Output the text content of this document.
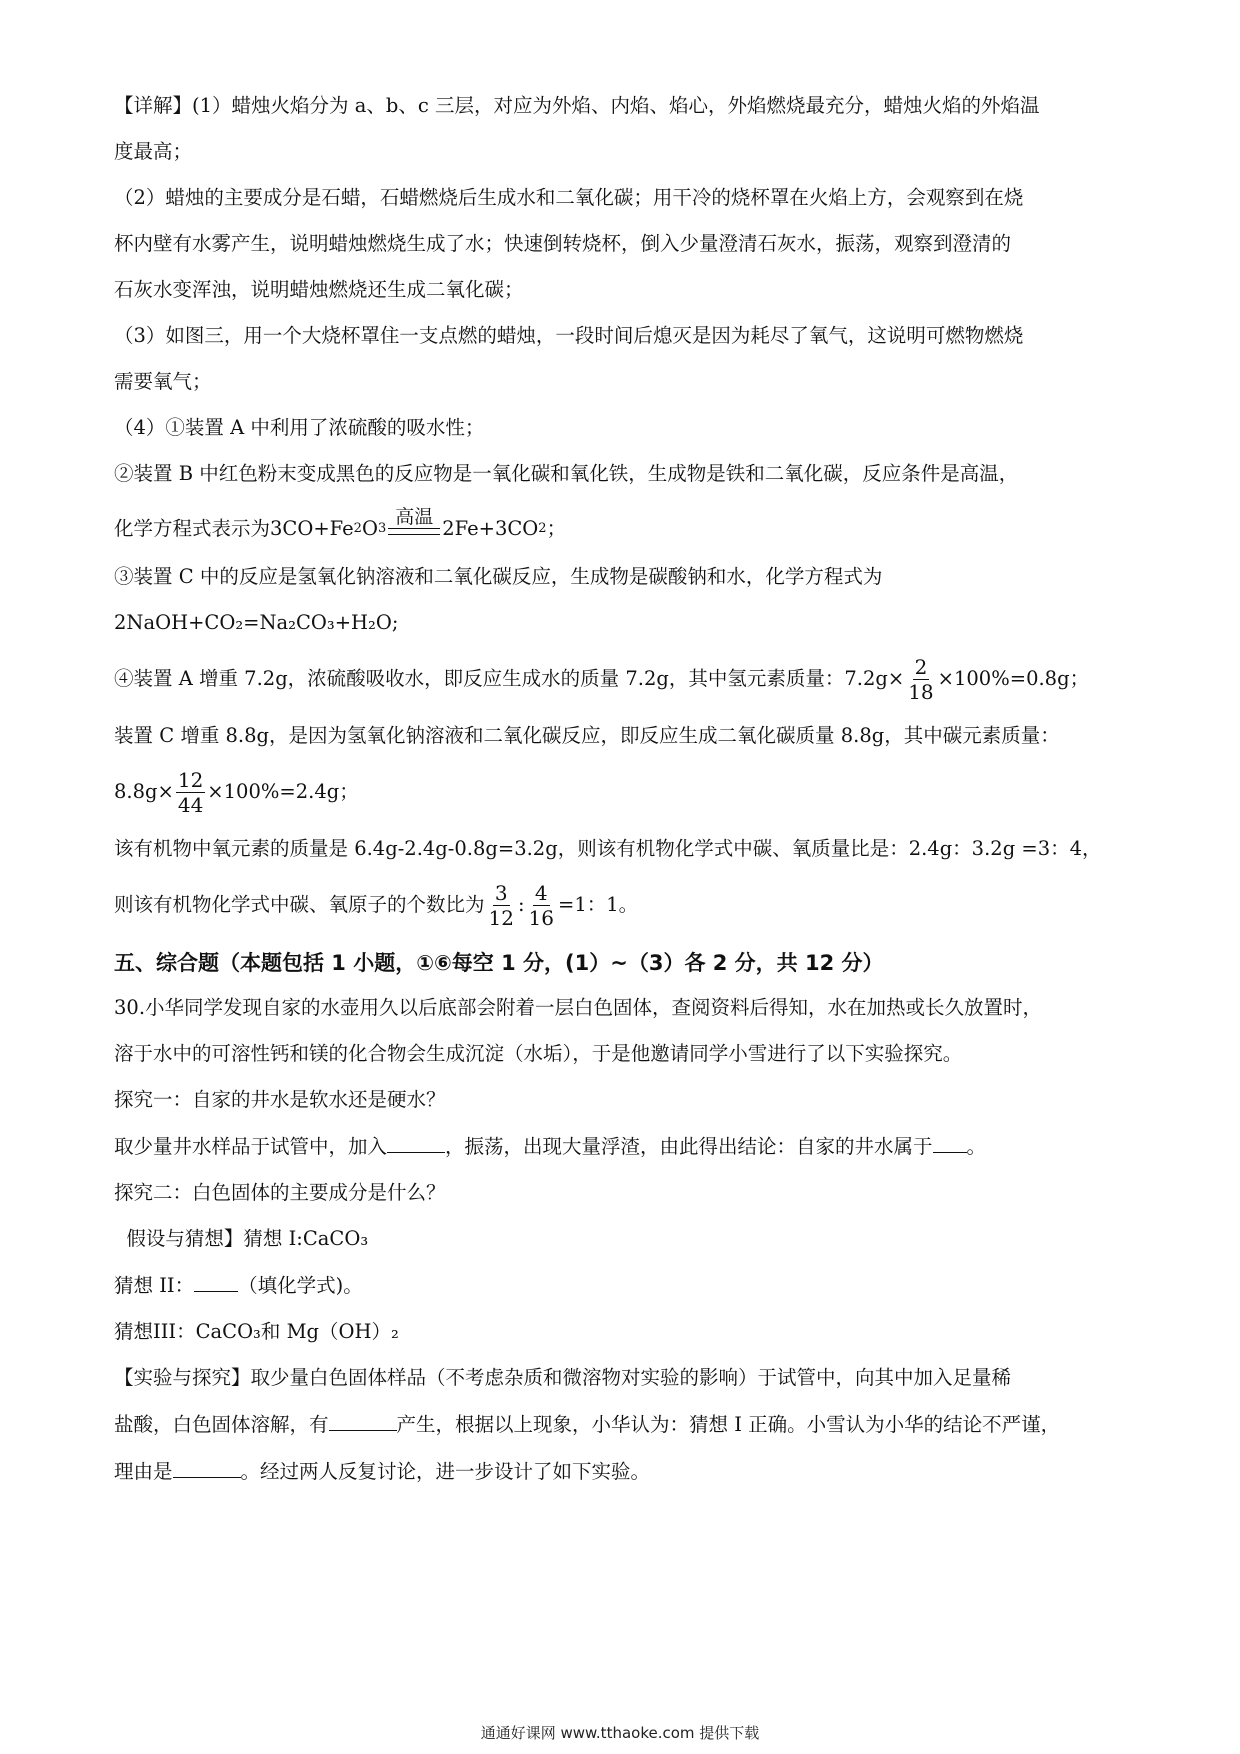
【详解】(1）蜡烛火焰分为 a、b、c 三层，对应为外焰、内焰、焰心，外焰燃烧最充分，蜡烛火焰的外焰温

度最高；

（2）蜡烛的主要成分是石蜡，石蜡燃烧后生成水和二氧化碳；用干冷的烧杯罩在火焰上方，会观察到在烧

杯内壁有水雾产生，说明蜡烛燃烧生成了水；快速倒转烧杯，倒入少量澄清石灰水，振荡，观察到澄清的

石灰水变浑浊，说明蜡烛燃烧还生成二氧化碳；

（3）如图三，用一个大烧杯罩住一支点燃的蜡烛，一段时间后熄灭是因为耗尽了氧气，这说明可燃物燃烧

需要氧气；

（4）①装置 A 中利用了浓硫酸的吸水性；

②装置 B 中红色粉末变成黑色的反应物是一氧化碳和氧化铁，生成物是铁和二氧化碳，反应条件是高温，

化学方程式表示为 3CO+Fe 2 O 3
高温 2Fe+3CO 2 ；

③装置 C 中的反应是氢氧化钠溶液和二氧化碳反应，生成物是碳酸钠和水，化学方程式为

2NaOH+CO₂=Na₂CO₃+H₂O;

④装置 A 增重 7.2g，浓硫酸吸收水，即反应生成水的质量 7.2g，其中氢元素质量：$7.2g\times \frac{2}{18} \times 100\%=0.8g$；

装置 C 增重 8.8g，是因为氢氧化钠溶液和二氧化碳反应，即反应生成二氧化碳质量 8.8g，其中碳元素质量：

$8.8g\times \frac{12}{44} \times 100\%=2.4g$；

该有机物中氧元素的质量是 6.4g-2.4g-0.8g=3.2g，则该有机物化学式中碳、氧质量比是：2.4g：3.2g =3：4，

则该有机物化学式中碳、氧原子的个数比为 $\frac{3}{12}$ : $\frac{4}{16} =1$：1。

五、综合题（本题包括 1 小题，①⑥每空 1 分，(1）~（3）各 2 分，共 12 分）

30.小华同学发现自家的水壶用久以后底部会附着一层白色固体，查阅资料后得知，水在加热或长久放置时，

溶于水中的可溶性钙和镁的化合物会生成沉淀（水垢），于是他邀请同学小雪进行了以下实验探究。

探究一：自家的井水是软水还是硬水？

取少量井水样品于试管中，加入	，振荡，出现大量浮渣，由此得出结论：自家的井水属于 。

探究二：白色固体的主要成分是什么？

假设与猜想】猜想 I:CaCO₃

猜想 II： （填化学式)。

猜想III：CaCO₃和 Mg（OH）₂

【实验与探究】取少量白色固体样品（不考虑杂质和微溶物对实验的影响）于试管中，向其中加入足量稀

盐酸，白色固体溶解，有	产生，根据以上现象，小华认为：猜想 I 正确。小雪认为小华的结论不严谨，

理由是	。经过两人反复讨论，进一步设计了如下实验。

通通好课网 www.tthaoke.com 提供下载
